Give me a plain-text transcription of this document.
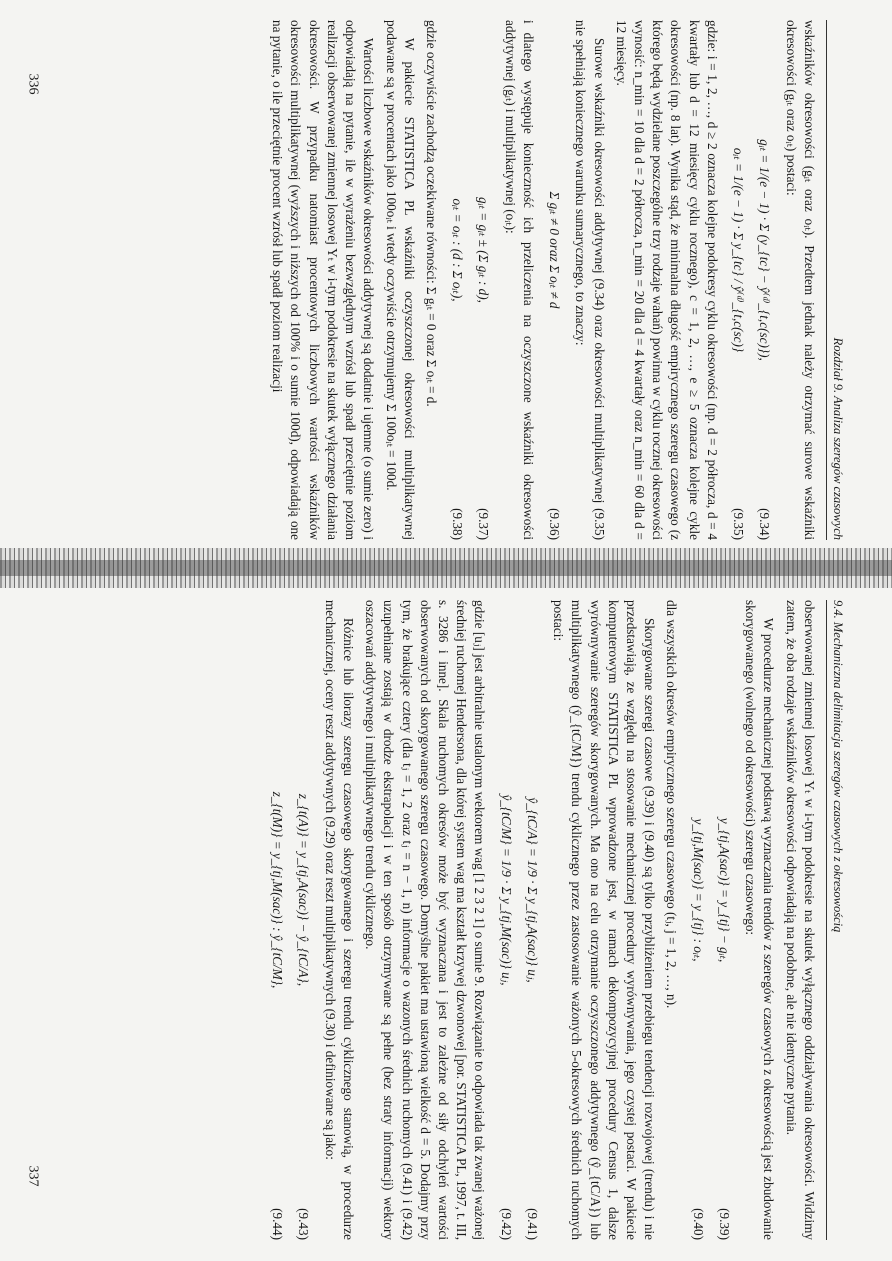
Rozdział 9. Analiza szeregów czasowych

wskaźników okresowości (gᵢₜ oraz oᵢₜ). Przedtem jednak należy otrzymać surowe wskaźniki okresowości (gᵢₜ oraz oᵢₜ) postaci:

gᵢₜ = 1/(e − 1) · Σ (y_{tc} − ŷ⁽ᵈ⁾_{t,c(sc)}),
(9.34)
oᵢₜ = 1/(e − 1) · Σ y_{tc} / ŷ⁽ᵈ⁾_{t,c(sc)}
(9.35)

gdzie: i = 1, 2, …, d ≥ 2 oznacza kolejne podokresy cyklu okresowości (np. d = 2 półrocza, d = 4 kwartały lub d = 12 miesięcy cyklu rocznego), c = 1, 2, …, e ≥ 5 oznacza kolejne cykle okresowości (np. 8 lat). Wynika stąd, że minimalna długość empirycznego szeregu czasowego (z którego będą wydzielane poszczególne trzy rodzaje wahań) powinna w cyklu rocznej okresowości wynosić: n_min = 10 dla d = 2 półrocza, n_min = 20 dla d = 4 kwartały oraz n_min = 60 dla d = 12 miesięcy.

Surowe wskaźniki okresowości addytywnej (9.34) oraz okresowości multiplikatywnej (9.35) nie spełniają koniecznego warunku sumarycznego, to znaczy:

Σ gᵢₜ ≠ 0 oraz Σ oᵢₜ ≠ d
(9.36)

i dlatego występuje konieczność ich przeliczenia na oczyszczone wskaźniki okresowości addytywnej (gᵢₜ) i multiplikatywnej (oᵢₜ):

gᵢₜ = gᵢₜ ± (Σ gᵢₜ : d),
(9.37)
oᵢₜ = oᵢₜ : (d : Σ oᵢₜ),
(9.38)

gdzie oczywiście zachodzą oczekiwane równości: Σ gᵢₜ = 0 oraz Σ oᵢₜ = d.

W pakiecie STATISTICA PL wskaźniki oczyszczonej okresowości multiplikatywnej podawane są w procentach jako 100oᵢₜ i wtedy oczywiście otrzymujemy Σ 100oᵢₜ = 100d.

Wartości liczbowe wskaźników okresowości addytywnej są dodatnie i ujemne (o sumie zero) i odpowiadają na pytanie, ile w wyrażeniu bezwzględnym wzrósł lub spadł przeciętnie poziom realizacji obserwowanej zmiennej losowej Yₜ w i-tym podokresie na skutek wyłącznego działania okresowości. W przypadku natomiast procentowych liczbowych wartości wskaźników okresowości multiplikatywnej (wyższych i niższych od 100% i o sumie 100d), odpowiadają one na pytanie, o ile przeciętnie procent wzrósł lub spadł poziom realizacji

9.4. Mechaniczna delimitacja szeregów czasowych z okresowością

obserwowanej zmiennej losowej Yₜ w i-tym podokresie na skutek wyłącznego oddziaływania okresowości. Widzimy zatem, że oba rodzaje wskaźników okresowości odpowiadają na podobne, ale nie identyczne pytania.

W procedurze mechanicznej podstawą wyznaczania trendów z szeregów czasowych z okresowością jest zbudowanie skorygowanego (wolnego od okresowości) szeregu czasowego:

y_{tj,A(sac)} = y_{tj} − gᵢₜ,
(9.39)
y_{tj,M(sac)} = y_{tj} : oᵢₜ,
(9.40)

dla wszystkich okresów empirycznego szeregu czasowego (tⱼ, j = 1, 2, …, n).

Skorygowane szeregi czasowe (9.39) i (9.40) są tylko przybliżeniem przebiegu tendencji rozwojowej (trendu) i nie przedstawiają, ze względu na stosowanie mechanicznej procedury wyrównywania, jego czystej postaci. W pakiecie komputerowym STATISTICA PL wprowadzone jest, w ramach dekompozycyjnej procedury Census 1, dalsze wyrównywanie szeregów skorygowanych. Ma ono na celu otrzymanie oczyszczonego addytywnego (ŷ_{tC/A}) lub multiplikatywnego (ŷ_{tC/M}) trendu cyklicznego przez zastosowanie ważonych 5-okresowych średnich ruchomych postaci:

ŷ_{tC/A} = 1/9 · Σ y_{tj,A(sac)} uⱼ,
(9.41)
ŷ_{tC/M} = 1/9 · Σ y_{tj,M(sac)} uⱼ,
(9.42)

gdzie [uⱼ] jest arbitralnie ustalonym wektorem wag [1 2 3 2 1] o sumie 9. Rozwiązanie to odpowiada tak zwanej ważonej średniej ruchomej Hendersona, dla której system wag ma kształt krzywej dzwonowej [por. STATISTICA PL, 1997, t. III, s. 3286 i inne]. Skala ruchomych okresów może być wyznaczana i jest to zależne od siły odchyleń wartości obserwowanych od skorygowanego szeregu czasowego. Domyślne pakiet ma ustawioną wielkość d = 5. Dodajmy przy tym, że brakujące cztery (dla tⱼ = 1, 2 oraz tⱼ = n − 1, n) informacje o wazonych średnich ruchomych (9.41) i (9.42) uzupełniane zostają w drodze ekstrapolacji i w ten sposób otrzymywane są pełne (bez straty informacji) wektory oszacowań addytywnego i multiplikatywnego trendu cyklicznego.

Różnice lub ilorazy szeregu czasowego skorygowanego i szeregu trendu cyklicznego stanowią, w procedurze mechanicznej, oceny reszt addytywnych (9.29) oraz reszt multiplikatywnych (9.30) i definiowane są jako:

z_{t(A)} = y_{tj,A(sac)} − ŷ_{tC/A},
(9.43)
z_{t(M)} = y_{tj,M(sac)} : ŷ_{tC/M},
(9.44)
336
337
